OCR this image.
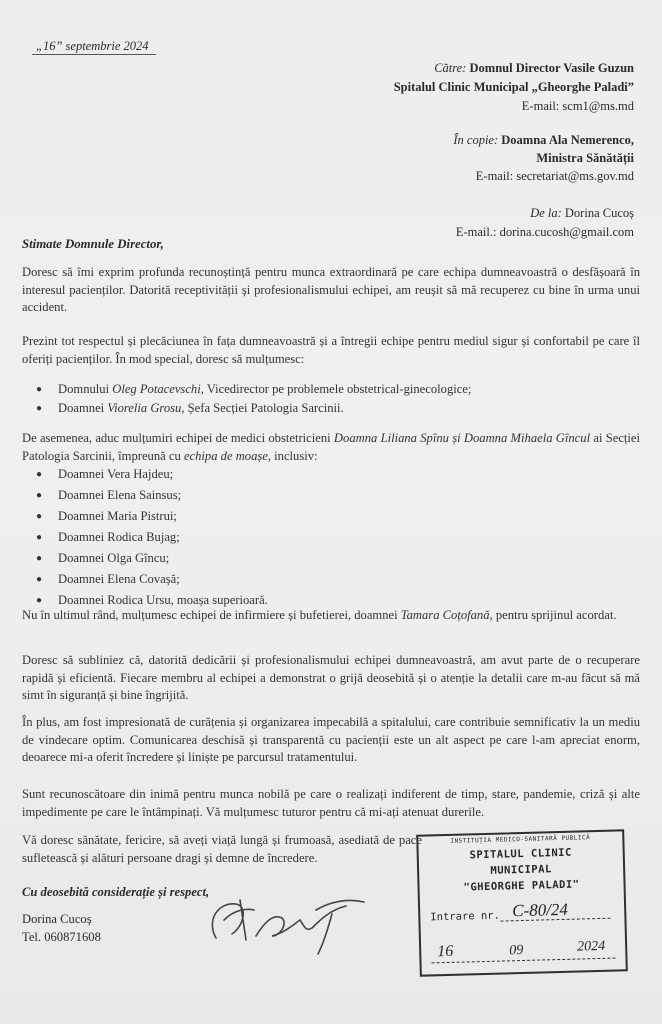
„16” septembrie 2024
Către: Domnul Director Vasile Guzun
Spitalul Clinic Municipal „Gheorghe Paladi”
E-mail: scm1@ms.md
În copie: Doamna Ala Nemerenco,
Ministra Sănătății
E-mail: secretariat@ms.gov.md
De la: Dorina Cucoș
E-mail.: dorina.cucosh@gmail.com
Stimate Domnule Director,
Doresc să îmi exprim profunda recunoștință pentru munca extraordinară pe care echipa dumneavoastră o desfășoară în interesul pacienților. Datorită receptivității și profesionalismului echipei, am reușit să mă recuperez cu bine în urma unui accident.
Prezint tot respectul și plecăciunea în fața dumneavoastră și a întregii echipe pentru mediul sigur și confortabil pe care îl oferiți pacienților. În mod special, doresc să mulțumesc:
● Domnului Oleg Potacevschi, Vicedirector pe problemele obstetrical-ginecologice;
● Doamnei Viorelia Grosu, Șefa Secției Patologia Sarcinii.
De asemenea, aduc mulțumiri echipei de medici obstetricieni Doamna Liliana Spînu și Doamna Mihaela Gîncul ai Secției Patologia Sarcinii, împreună cu echipa de moașe, inclusiv:
● Doamnei Vera Hajdeu;
● Doamnei Elena Sainsus;
● Doamnei Maria Pistrui;
● Doamnei Rodica Bujag;
● Doamnei Olga Gîncu;
● Doamnei Elena Covașă;
● Doamnei Rodica Ursu, moașa superioară.
Nu în ultimul rând, mulțumesc echipei de infirmiere și bufetierei, doamnei Tamara Coțofană, pentru sprijinul acordat.
Doresc să subliniez că, datorită dedicării și profesionalismului echipei dumneavoastră, am avut parte de o recuperare rapidă și eficientă. Fiecare membru al echipei a demonstrat o grijă deosebită și o atenție la detalii care m-au făcut să mă simt în siguranță și bine îngrijită.
În plus, am fost impresionată de curățenia și organizarea impecabilă a spitalului, care contribuie semnificativ la un mediu de vindecare optim. Comunicarea deschisă și transparentă cu pacienții este un alt aspect pe care l-am apreciat enorm, deoarece mi-a oferit încredere și liniște pe parcursul tratamentului.
Sunt recunoscătoare din inimă pentru munca nobilă pe care o realizați indiferent de timp, stare, pandemie, criză și alte impedimente pe care le întâmpinați. Vă mulțumesc tuturor pentru că mi-ați atenuat durerile.
Vă doresc sănătate, fericire, să aveți viață lungă și frumoasă, asediată de pace sufletească și alături persoane dragi și demne de încredere.
Cu deosebită considerație și respect,
Dorina Cucoș
Tel. 060871608
INSTITUȚIA MEDICO-SANITARĂ PUBLICĂ
SPITALUL CLINIC
MUNICIPAL
"GHEORGHE PALADI"
Intrare nr. C-80/24
16	09	2024
